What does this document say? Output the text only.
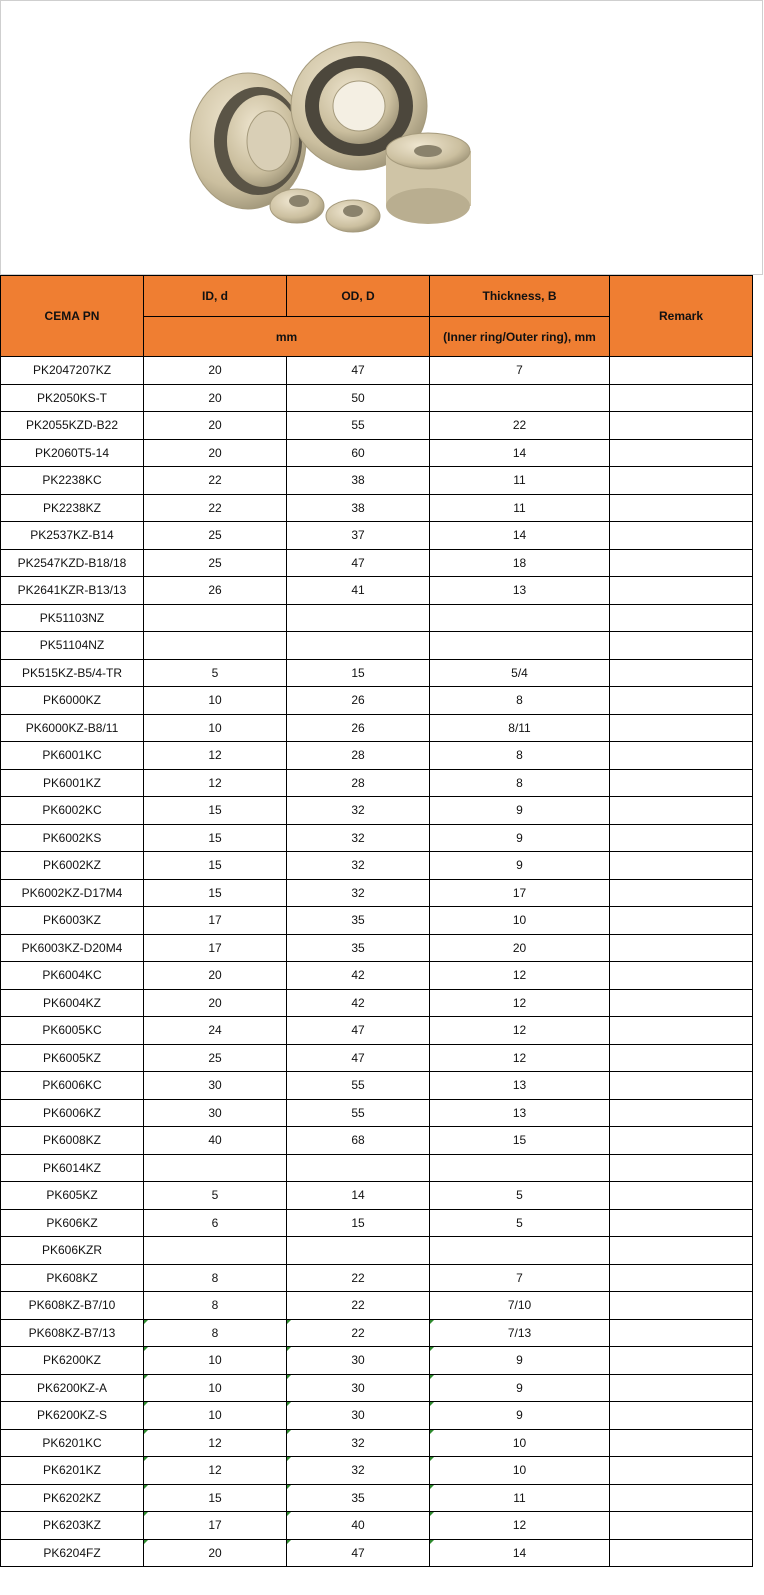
CEMA PN	ID, d	OD, D	Thickness, B	Remark
	mm		(Inner ring/Outer ring), mm	
PK2047207KZ	20	47	7	
PK2050KS-T	20	50		
PK2055KZD-B22	20	55	22	
PK2060T5-14	20	60	14	
PK2238KC	22	38	11	
PK2238KZ	22	38	11	
PK2537KZ-B14	25	37	14	
PK2547KZD-B18/18	25	47	18	
PK2641KZR-B13/13	26	41	13	
PK51103NZ				
PK51104NZ				
PK515KZ-B5/4-TR	5	15	5/4	
PK6000KZ	10	26	8	
PK6000KZ-B8/11	10	26	8/11	
PK6001KC	12	28	8	
PK6001KZ	12	28	8	
PK6002KC	15	32	9	
PK6002KS	15	32	9	
PK6002KZ	15	32	9	
PK6002KZ-D17M4	15	32	17	
PK6003KZ	17	35	10	
PK6003KZ-D20M4	17	35	20	
PK6004KC	20	42	12	
PK6004KZ	20	42	12	
PK6005KC	24	47	12	
PK6005KZ	25	47	12	
PK6006KC	30	55	13	
PK6006KZ	30	55	13	
PK6008KZ	40	68	15	
PK6014KZ				
PK605KZ	5	14	5	
PK606KZ	6	15	5	
PK606KZR				
PK608KZ	8	22	7	
PK608KZ-B7/10	8	22	7/10	
PK608KZ-B7/13	8	22	7/13	
PK6200KZ	10	30	9	
PK6200KZ-A	10	30	9	
PK6200KZ-S	10	30	9	
PK6201KC	12	32	10	
PK6201KZ	12	32	10	
PK6202KZ	15	35	11	
PK6203KZ	17	40	12	
PK6204FZ	20	47	14	
